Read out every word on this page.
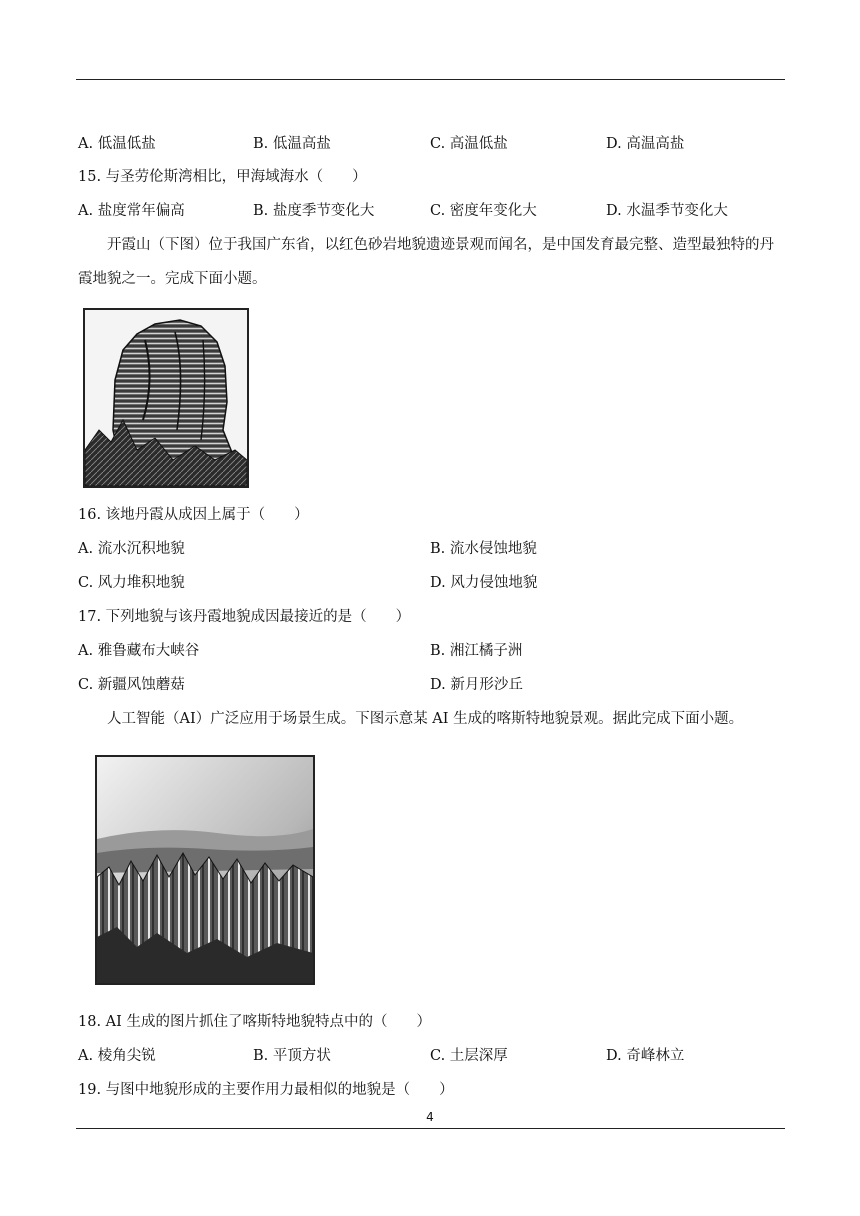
A. 低温低盐	B. 低温高盐	C. 高温低盐	D. 高温高盐
15. 与圣劳伦斯湾相比，甲海域海水（　　）
A. 盐度常年偏高	B. 盐度季节变化大	C. 密度年变化大	D. 水温季节变化大
开霞山（下图）位于我国广东省，以红色砂岩地貌遗迹景观而闻名，是中国发育最完整、造型最独特的丹霞地貌之一。完成下面小题。
16. 该地丹霞从成因上属于（　　）
A. 流水沉积地貌	B. 流水侵蚀地貌
C. 风力堆积地貌	D. 风力侵蚀地貌
17. 下列地貌与该丹霞地貌成因最接近的是（　　）
A. 雅鲁藏布大峡谷	B. 湘江橘子洲
C. 新疆风蚀蘑菇	D. 新月形沙丘
人工智能（AI）广泛应用于场景生成。下图示意某 AI 生成的喀斯特地貌景观。据此完成下面小题。
18. AI 生成的图片抓住了喀斯特地貌特点中的（　　）
A. 棱角尖锐	B. 平顶方状	C. 土层深厚	D. 奇峰林立
19. 与图中地貌形成的主要作用力最相似的地貌是（　　）
4
